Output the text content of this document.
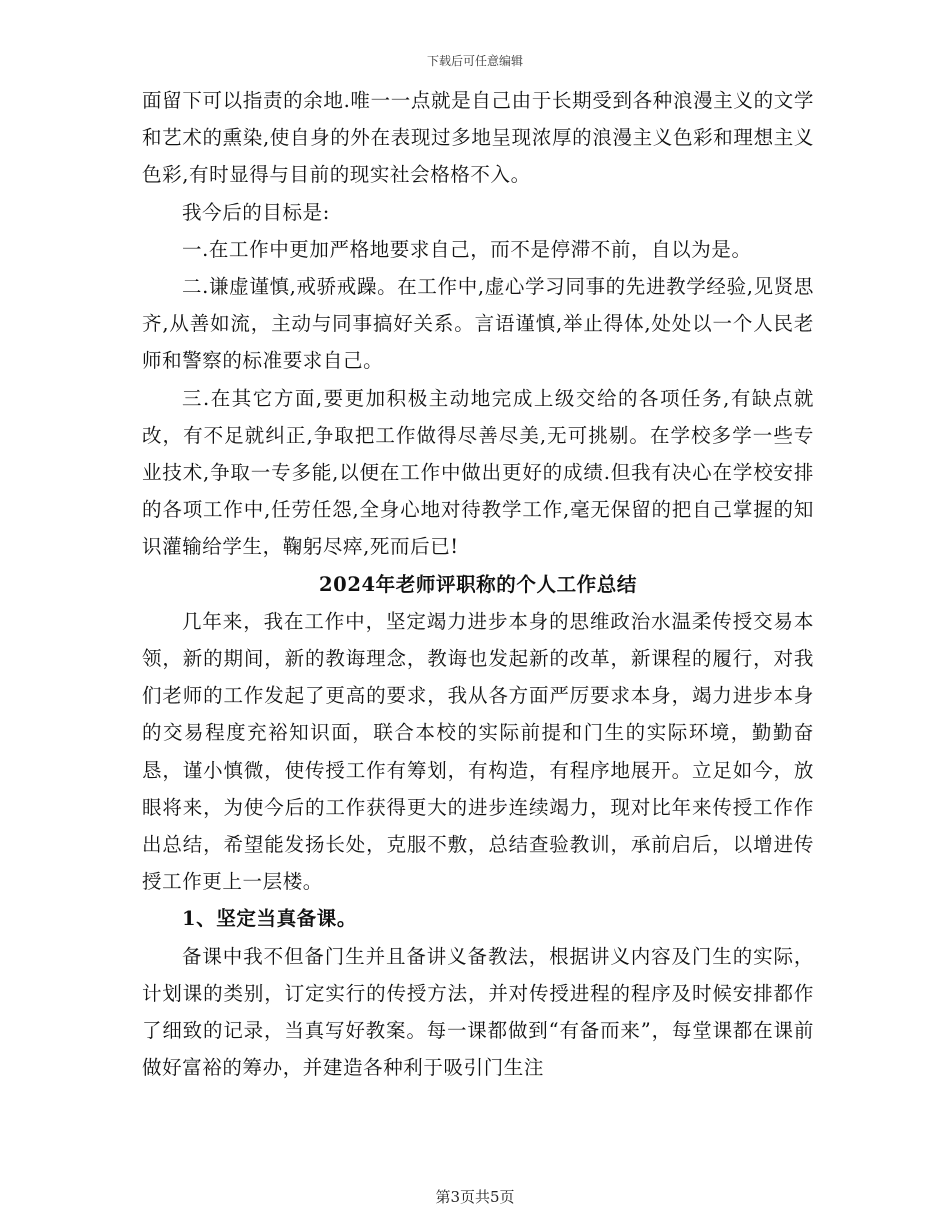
下载后可任意编辑

面留下可以指责的余地.唯一一点就是自己由于长期受到各种浪漫主义的文学和艺术的熏染,使自身的外在表现过多地呈现浓厚的浪漫主义色彩和理想主义色彩,有时显得与目前的现实社会格格不入。

我今后的目标是:

一.在工作中更加严格地要求自己，而不是停滞不前，自以为是。

二.谦虚谨慎,戒骄戒躁。在工作中,虚心学习同事的先进教学经验,见贤思齐,从善如流，主动与同事搞好关系。言语谨慎,举止得体,处处以一个人民老师和警察的标准要求自己。

三.在其它方面,要更加积极主动地完成上级交给的各项任务,有缺点就改，有不足就纠正,争取把工作做得尽善尽美,无可挑剔。在学校多学一些专业技术,争取一专多能,以便在工作中做出更好的成绩.但我有决心在学校安排的各项工作中,任劳任怨,全身心地对待教学工作,毫无保留的把自己掌握的知识灌输给学生，鞠躬尽瘁,死而后已!

2024年老师评职称的个人工作总结

几年来，我在工作中，坚定竭力进步本身的思维政治水温柔传授交易本领，新的期间，新的教诲理念，教诲也发起新的改革，新课程的履行，对我们老师的工作发起了更高的要求，我从各方面严厉要求本身，竭力进步本身的交易程度充裕知识面，联合本校的实际前提和门生的实际环境，勤勤奋恳，谨小慎微，使传授工作有筹划，有构造，有程序地展开。立足如今，放眼将来，为使今后的工作获得更大的进步连续竭力，现对比年来传授工作作出总结，希望能发扬长处，克服不敷，总结查验教训，承前启后，以增进传授工作更上一层楼。

1、坚定当真备课。

备课中我不但备门生并且备讲义备教法，根据讲义内容及门生的实际，计划课的类别，订定实行的传授方法，并对传授进程的程序及时候安排都作了细致的记录，当真写好教案。每一课都做到“有备而来”，每堂课都在课前做好富裕的筹办，并建造各种利于吸引门生注

第3页共5页
